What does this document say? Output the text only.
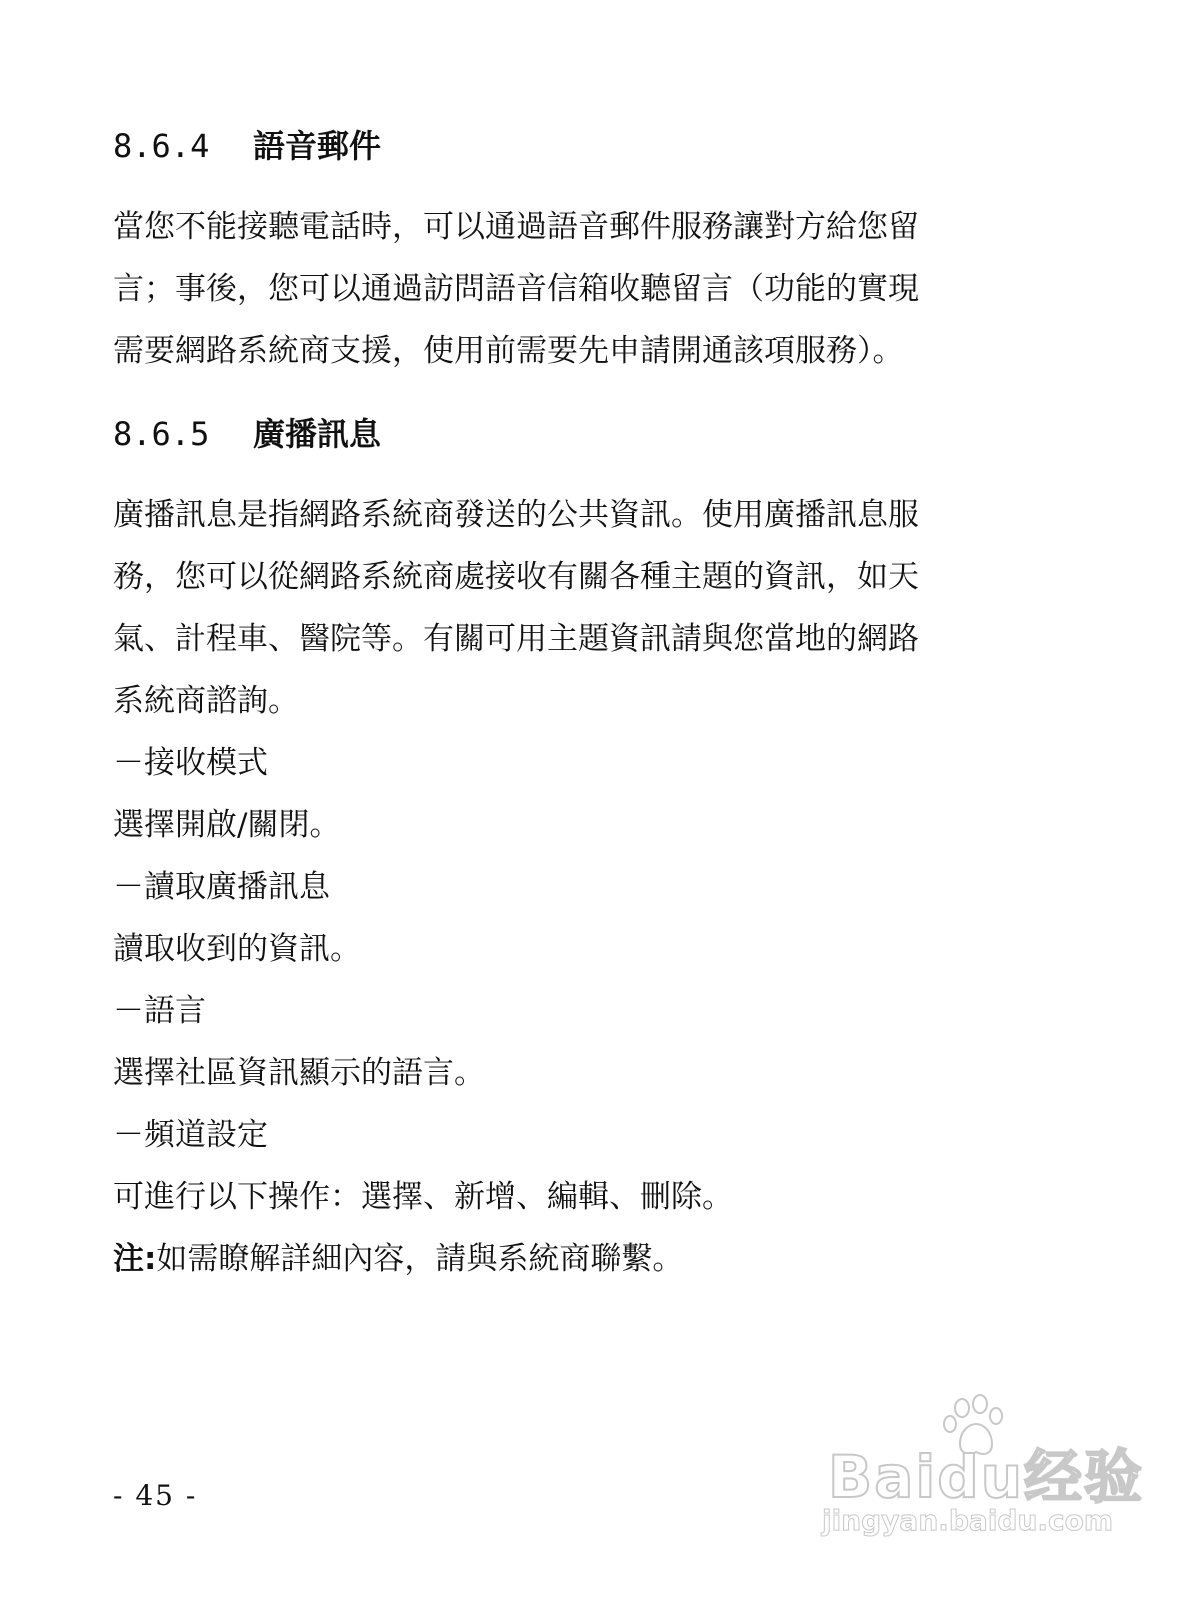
8.6.4 語音郵件
當您不能接聽電話時，可以通過語音郵件服務讓對方給您留
言；事後，您可以通過訪問語音信箱收聽留言（功能的實現
需要網路系統商支援，使用前需要先申請開通該項服務）。
8.6.5 廣播訊息
廣播訊息是指網路系統商發送的公共資訊。使用廣播訊息服
務，您可以從網路系統商處接收有關各種主題的資訊，如天
氣、計程車、醫院等。有關可用主題資訊請與您當地的網路
系統商諮詢。
－接收模式
選擇開啟/關閉。
－讀取廣播訊息
讀取收到的資訊。
－語言
選擇社區資訊顯示的語言。
－頻道設定
可進行以下操作：選擇、新增、編輯、刪除。
注:如需瞭解詳細內容，請與系統商聯繫。
- 45 -	Baidu经验
jingyan.baidu.com
